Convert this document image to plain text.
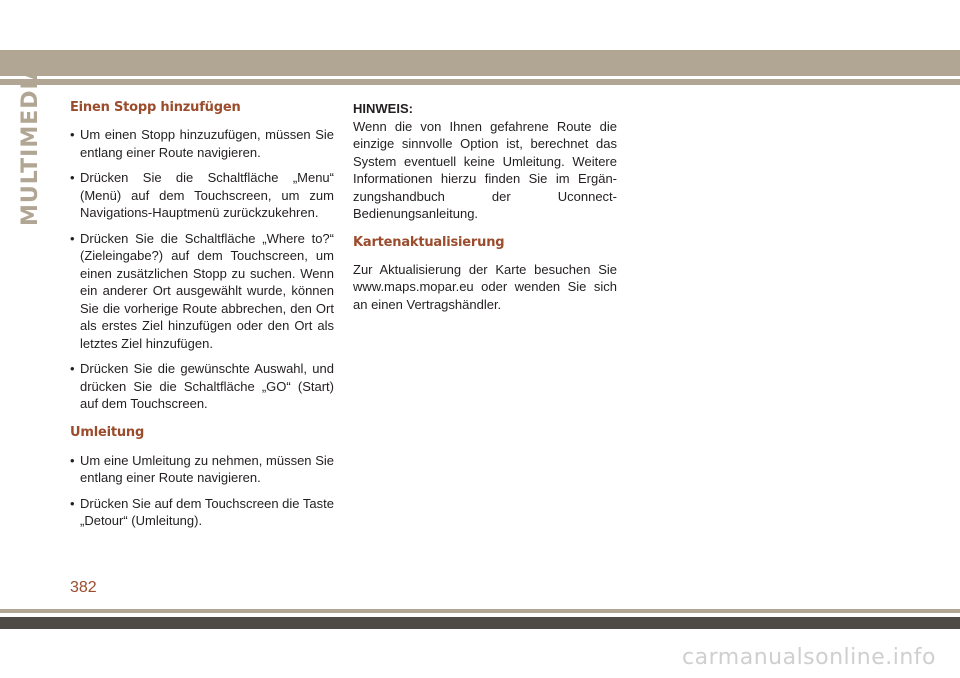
MULTIMEDIA Einen Stopp hinzufügen
• Um einen Stopp hinzuzufügen, müssen Sie entlang einer Route navigieren.
• Drücken Sie die Schaltfläche „Menu“ (Menü) auf dem Touchscreen, um zum Navigations-Hauptmenü zurückzukehren.
• Drücken Sie die Schaltfläche „Where to?“ (Zieleingabe?) auf dem Touchscreen, um einen zusätzlichen Stopp zu suchen. Wenn ein anderer Ort ausgewählt wurde, können Sie die vorherige Route abbrechen, den Ort als erstes Ziel hinzufügen oder den Ort als letztes Ziel hinzufügen.
• Drücken Sie die gewünschte Auswahl, und drücken Sie die Schaltfläche „GO“ (Start) auf dem Touchscreen.
Umleitung
• Um eine Umleitung zu nehmen, müssen Sie entlang einer Route navigieren.
• Drücken Sie auf dem Touchscreen die Taste „Detour“ (Umleitung).
HINWEIS:

Wenn die von Ihnen gefahrene Route die einzige sinnvolle Option ist, berechnet das System eventuell keine Umleitung. Weitere Informationen hierzu finden Sie im Ergän- zungshandbuch der Uconnect-Bedienungsanleitung.

Kartenaktualisierung

Zur Aktualisierung der Karte besuchen Sie www.maps.mopar.eu oder wenden Sie sich an einen Vertragshändler.

382
carmanualsonline.info
